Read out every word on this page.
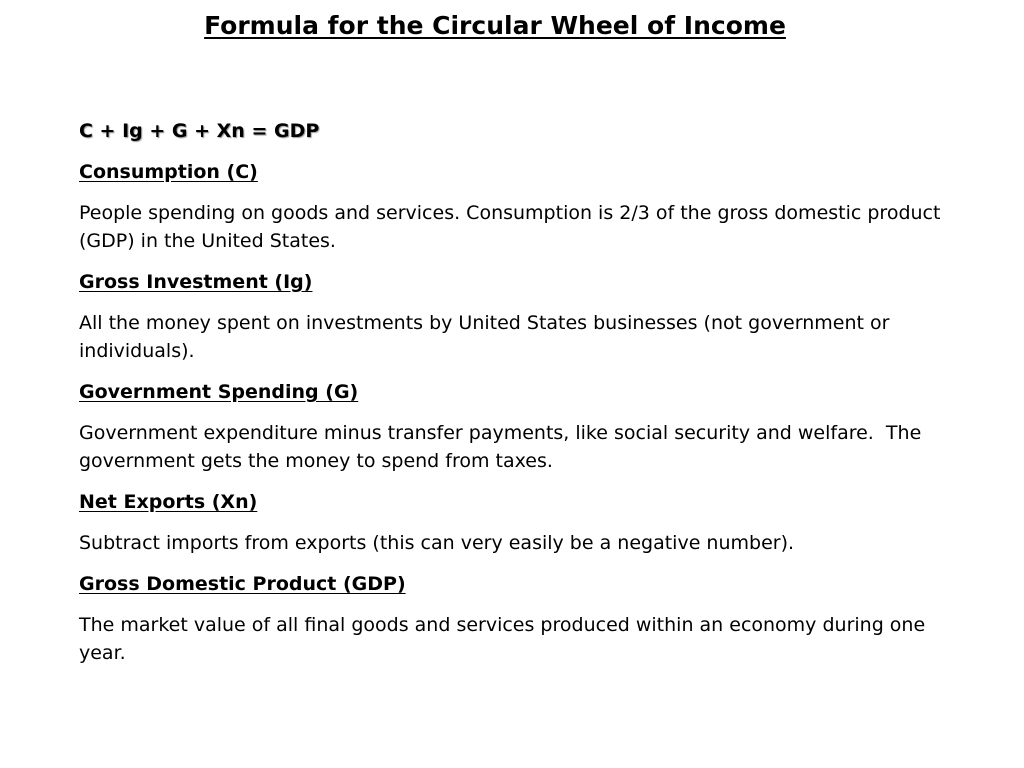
Formula for the Circular Wheel of Income

C + Ig + G + Xn = GDP

Consumption (C)

People spending on goods and services. Consumption is 2/3 of the gross domestic product (GDP) in the United States.

Gross Investment (Ig)

All the money spent on investments by United States businesses (not government or individuals).

Government Spending (G)

Government expenditure minus transfer payments, like social security and welfare.  The government gets the money to spend from taxes.

Net Exports (Xn)

Subtract imports from exports (this can very easily be a negative number).

Gross Domestic Product (GDP)

The market value of all final goods and services produced within an economy during one year.
